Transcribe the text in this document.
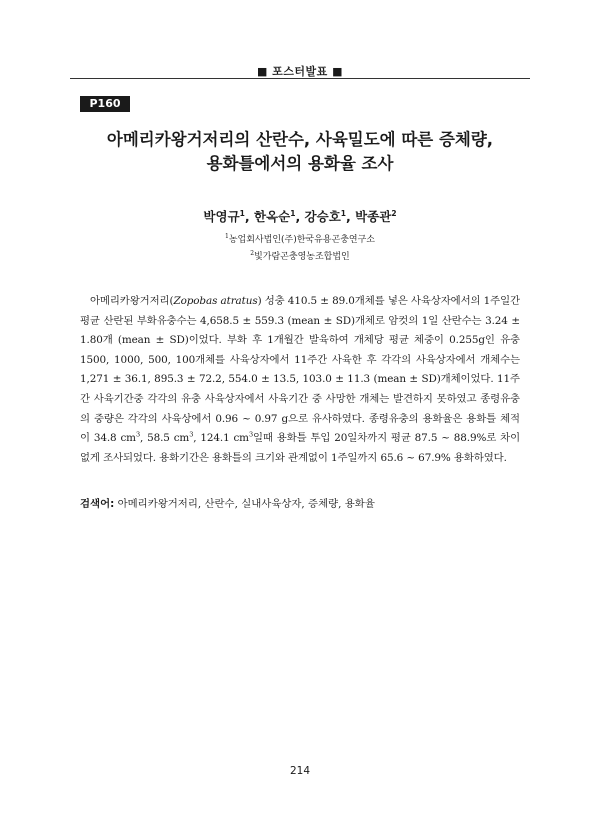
■ 포스터발표 ■
P160
아메리카왕거저리의 산란수, 사육밀도에 따른 증체량,
용화틀에서의 용화율 조사
박영규$^1$, 한옥순$^1$, 강승호$^1$, 박종관$^2$
$^1$농업회사법인(주)한국유용곤충연구소
$^2$빛가람곤충영농조합법인
아메리카왕거저리(Zopobas atratus) 성충 410.5 ± 89.0개체를 넣은 사육상자에서의 1주일간 평균 산란된 부화유충수는 4,658.5 ± 559.3 (mean ± SD)개체로 암컷의 1일 산란수는 3.24 ± 1.80개 (mean ± SD)이었다. 부화 후 1개월간 발육하여 개체당 평균 체중이 0.255g인 유충 1500, 1000, 500, 100개체를 사육상자에서 11주간 사육한 후 각각의 사육상자에서 개체수는 1,271 ± 36.1, 895.3 ± 72.2, 554.0 ± 13.5, 103.0 ± 11.3 (mean ± SD)개체이었다. 11주간 사육기간중 각각의 유충 사육상자에서 사육기간 중 사망한 개체는 발견하지 못하였고 종령유충의 중량은 각각의 사육상에서 0.96 ~ 0.97 g으로 유사하였다. 종령유충의 용화율은 용화틀 체적이 34.8 $cm^3$, 58.5 $cm^3$, 124.1 $cm^3$일때 용화틀 투입 20일차까지 평균 87.5 ~ 88.9%로 차이 없게 조사되었다. 용화기간은 용화틀의 크기와 관계없이 1주일까지 65.6 ~ 67.9% 용화하였다.
검색어: 아메리카왕거저리, 산란수, 실내사육상자, 증체량, 용화율
214
